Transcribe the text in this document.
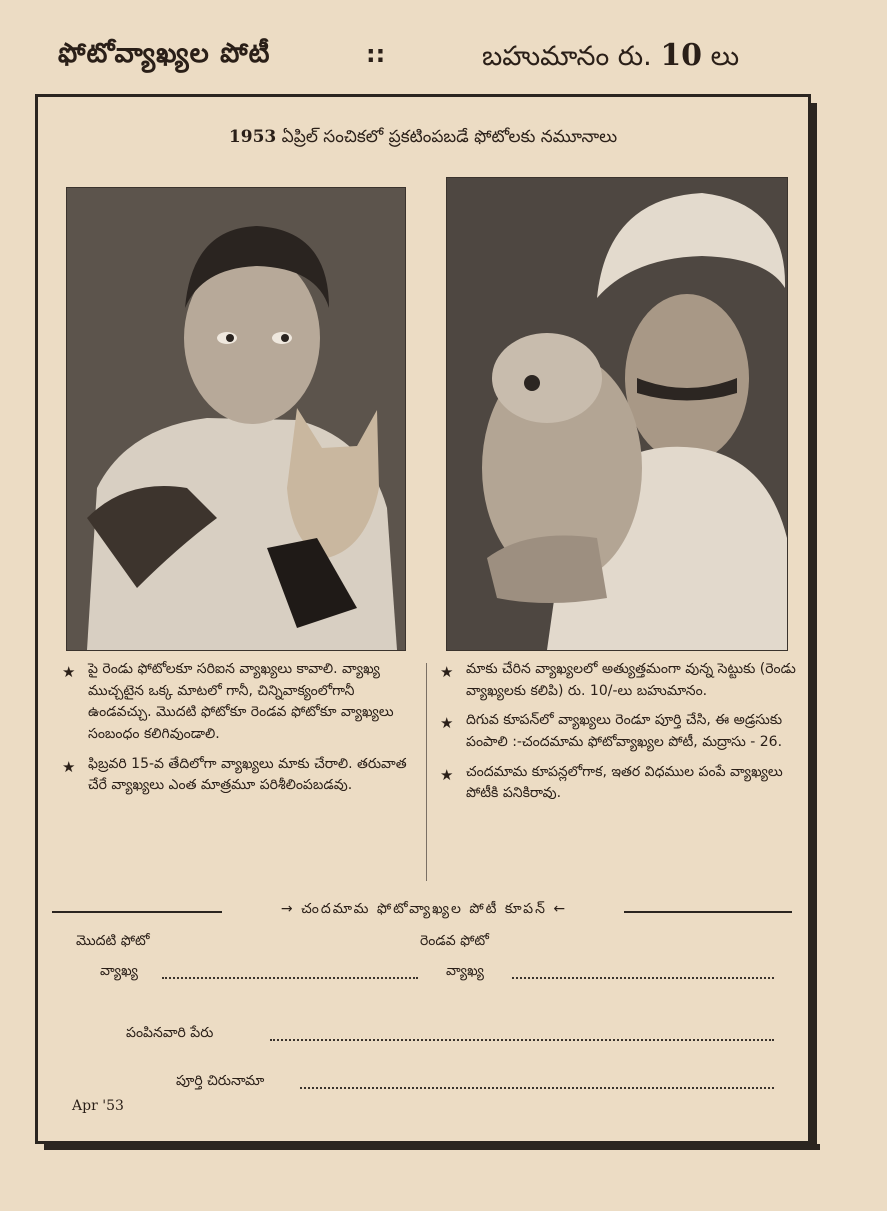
ఫోటోవ్యాఖ్యల పోటీ	::	బహుమానం రు. 10 లు
1953 ఏప్రిల్ సంచికలో ప్రకటింపబడే ఫోటోలకు నమూనాలు
★ పై రెండు ఫోటోలకూ సరిఐన వ్యాఖ్యలు కావాలి. వ్యాఖ్య ముచ్చటైన ఒక్క మాటలో గానీ, చిన్నివాక్యంలోగానీ ఉండవచ్చు. మొదటి ఫోటోకూ రెండవ ఫోటోకూ వ్యాఖ్యలు సంబంధం కలిగివుండాలి.
★ ఫిబ్రవరి 15-వ తేదిలోగా వ్యాఖ్యలు మాకు చేరాలి. తరువాత చేరే వ్యాఖ్యలు ఎంత మాత్రమూ పరిశీలింపబడవు.
★ మాకు చేరిన వ్యాఖ్యలలో అత్యుత్తమంగా వున్న సెట్టుకు (రెండు వ్యాఖ్యలకు కలిపి) రు. 10/-లు బహుమానం.
★ దిగువ కూపన్‌లో వ్యాఖ్యలు రెండూ పూర్తి చేసి, ఈ అడ్రసుకు పంపాలి :-చందమామ ఫోటోవ్యాఖ్యల పోటీ, మద్రాసు - 26.
★ చందమామ కూపన్లలోగాక, ఇతర విధముల పంపే వ్యాఖ్యలు పోటీకి పనికిరావు.
→ చందమామ ఫోటోవ్యాఖ్యల పోటీ కూపన్ ←
మొదటి ఫోటో	రెండవ ఫోటో
వ్యాఖ్య	వ్యాఖ్య
పంపినవారి పేరు
పూర్తి చిరునామా
Apr '53
